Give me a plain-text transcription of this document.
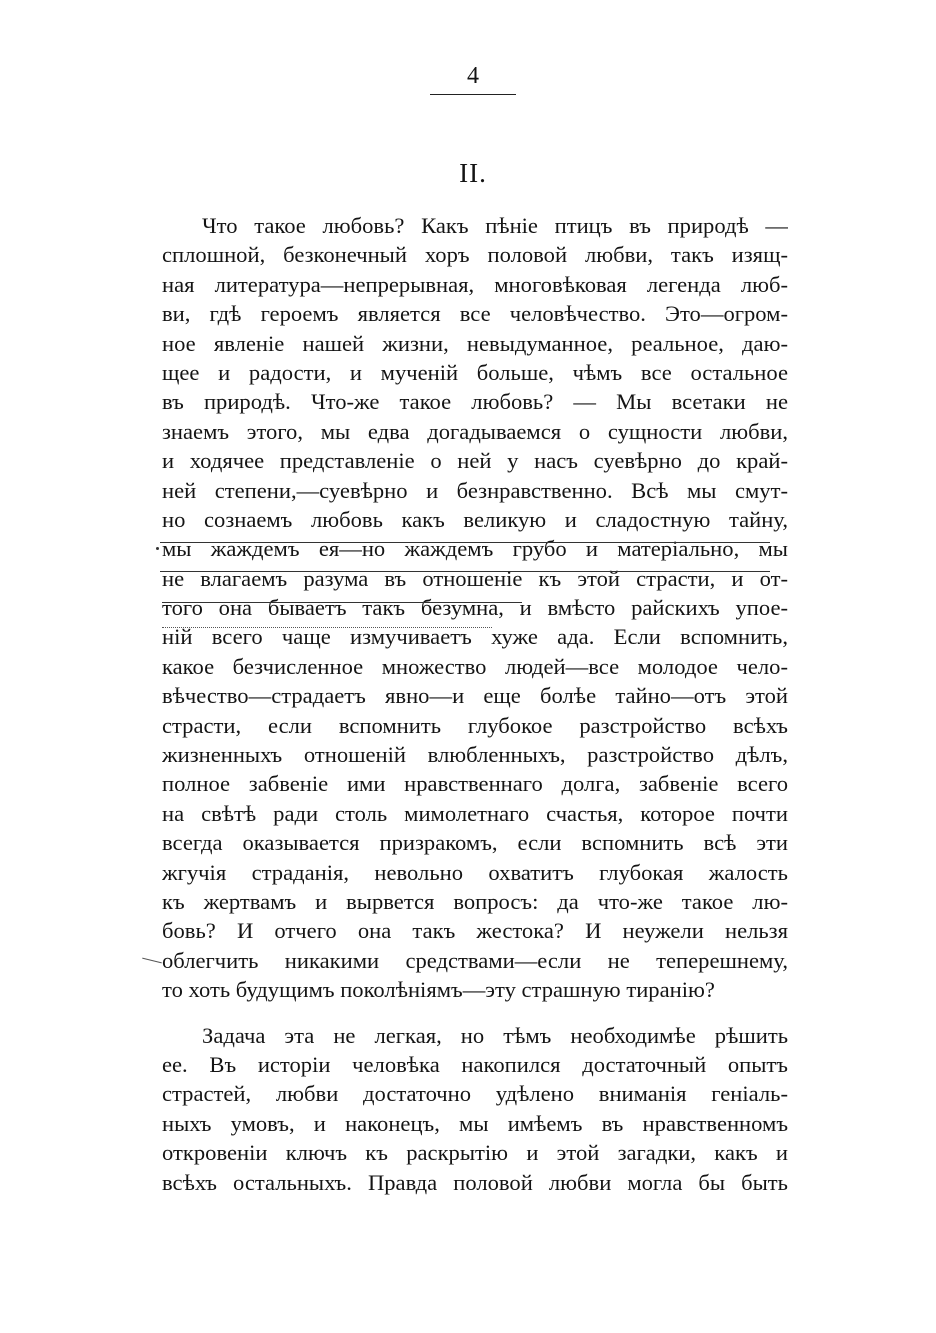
4
II.
Что такое любовь? Какъ пѣніе птицъ въ природѣ —
сплошной, безконечный хоръ половой любви, такъ изящ-
ная литература—непрерывная, многовѣковая легенда люб-
ви, гдѣ героемъ является все человѣчество. Это—огром-
ное явленіе нашей жизни, невыдуманное, реальное, даю-
щее и радости, и мученій больше, чѣмъ все остальное
въ природѣ. Что-же такое любовь? — Мы всетаки не
знаемъ этого, мы едва догадываемся о сущности любви,
и ходячее представленіе о ней у насъ суевѣрно до край-
ней степени,—суевѣрно и безнравственно. Всѣ мы смут-
но сознаемъ любовь какъ великую и сладостную тайну,
мы жаждемъ ея—но жаждемъ грубо и матеріально, мы
не влагаемъ разума въ отношеніе къ этой страсти, и от-
того она бываетъ такъ безумна, и вмѣсто райскихъ упое-
ній всего чаще измучиваетъ хуже ада. Если вспомнить,
какое безчисленное множество людей—все молодое чело-
вѣчество—страдаетъ явно—и еще болѣе тайно—отъ этой
страсти, если вспомнить глубокое разстройство всѣхъ
жизненныхъ отношеній влюбленныхъ, разстройство дѣлъ,
полное забвеніе ими нравственнаго долга, забвеніе всего
на свѣтѣ ради столь мимолетнаго счастья, которое почти
всегда оказывается призракомъ, если вспомнить всѣ эти
жгучія страданія, невольно охватитъ глубокая жалость
къ жертвамъ и вырвется вопросъ: да что-же такое лю-
бовь? И отчего она такъ жестока? И неужели нельзя
облегчить никакими средствами—если не теперешнему,
то хоть будущимъ поколѣніямъ—эту страшную тиранію?
Задача эта не легкая, но тѣмъ необходимѣе рѣшить
ее. Въ исторіи человѣка накопился достаточный опытъ
страстей, любви достаточно удѣлено вниманія геніаль-
ныхъ умовъ, и наконецъ, мы имѣемъ въ нравственномъ
откровеніи ключъ къ раскрытію и этой загадки, какъ и
всѣхъ остальныхъ. Правда половой любви могла бы быть
